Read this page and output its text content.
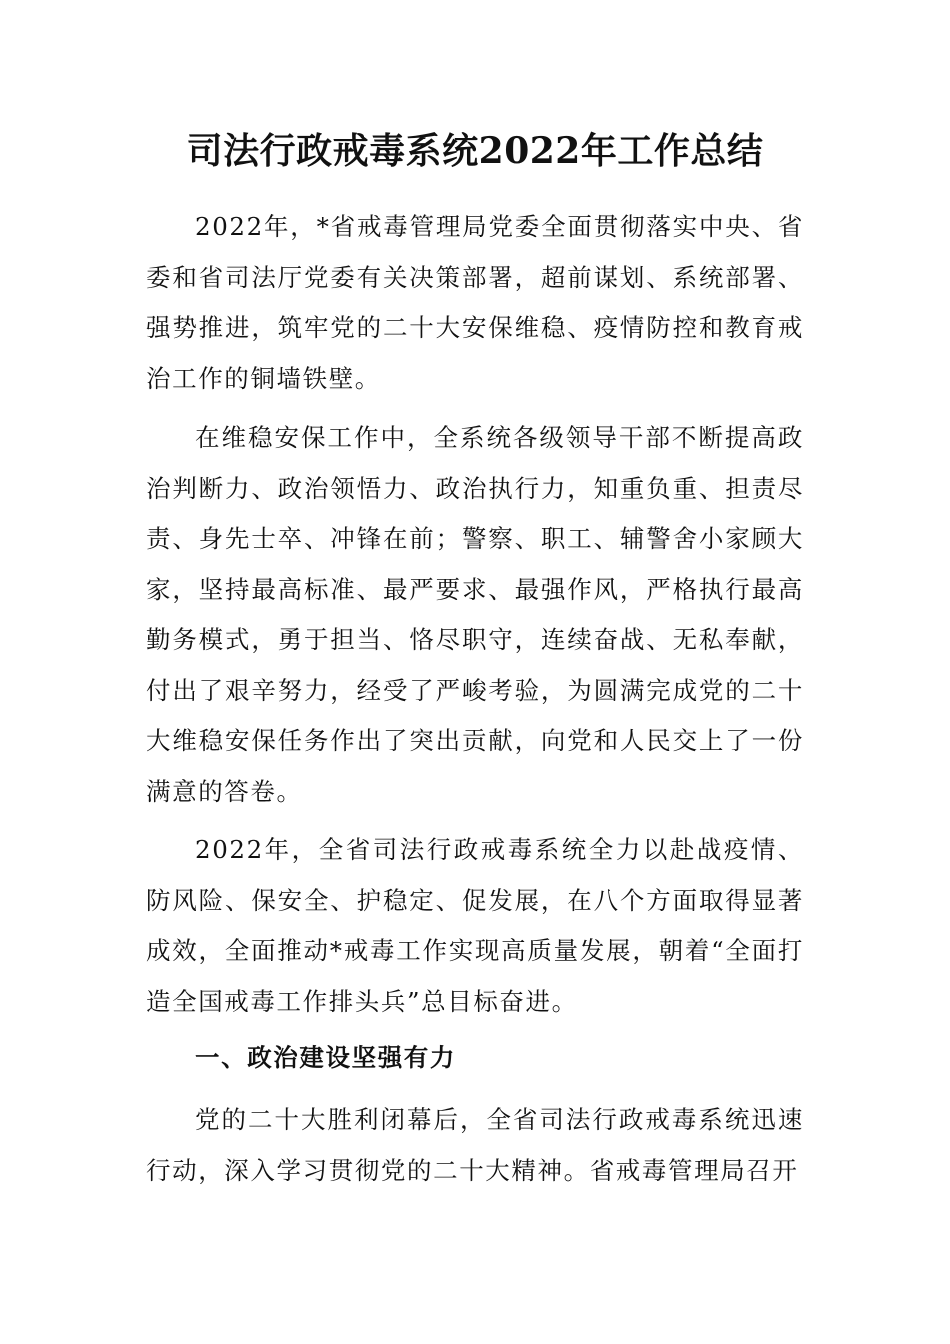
司法行政戒毒系统2022年工作总结

2022年，*省戒毒管理局党委全面贯彻落实中央、省委和省司法厅党委有关决策部署，超前谋划、系统部署、强势推进，筑牢党的二十大安保维稳、疫情防控和教育戒治工作的铜墙铁壁。

在维稳安保工作中，全系统各级领导干部不断提高政治判断力、政治领悟力、政治执行力，知重负重、担责尽责、身先士卒、冲锋在前；警察、职工、辅警舍小家顾大家，坚持最高标准、最严要求、最强作风，严格执行最高勤务模式，勇于担当、恪尽职守，连续奋战、无私奉献，付出了艰辛努力，经受了严峻考验，为圆满完成党的二十大维稳安保任务作出了突出贡献，向党和人民交上了一份满意的答卷。

2022年，全省司法行政戒毒系统全力以赴战疫情、防风险、保安全、护稳定、促发展，在八个方面取得显著成效，全面推动*戒毒工作实现高质量发展，朝着“全面打造全国戒毒工作排头兵”总目标奋进。

一、政治建设坚强有力

党的二十大胜利闭幕后，全省司法行政戒毒系统迅速行动，深入学习贯彻党的二十大精神。省戒毒管理局召开
